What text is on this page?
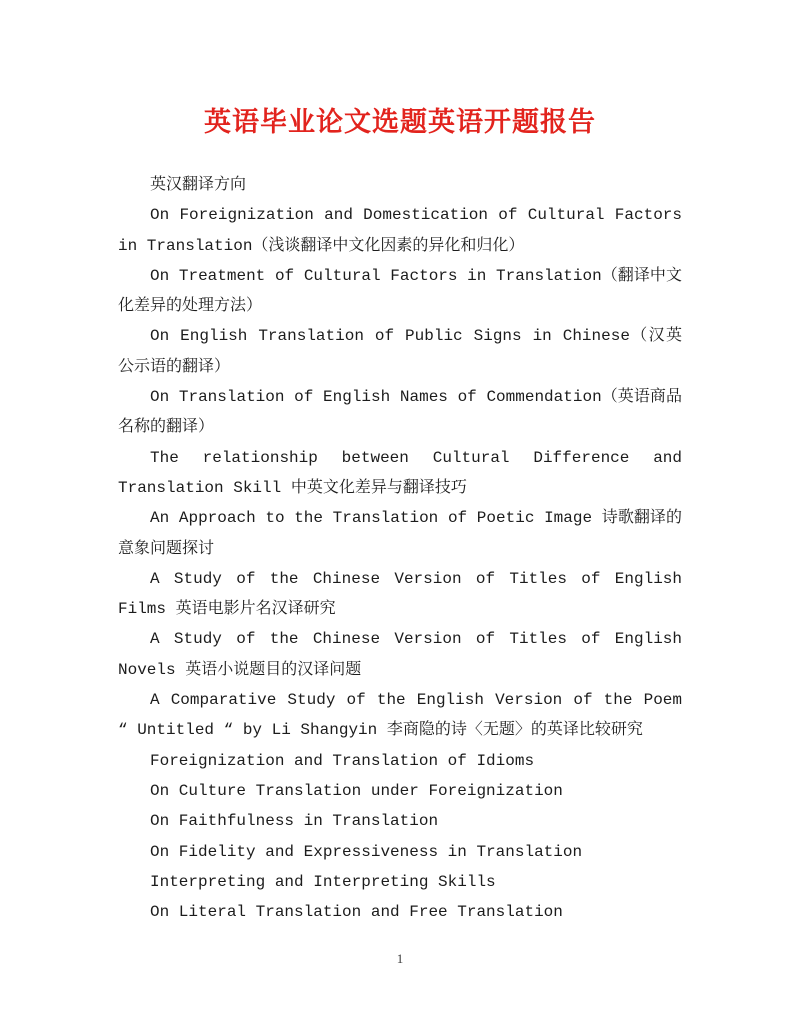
英语毕业论文选题英语开题报告

英汉翻译方向

On Foreignization and Domestication of Cultural Factors in Translation（浅谈翻译中文化因素的异化和归化）

On Treatment of Cultural Factors in Translation（翻译中文化差异的处理方法）

On English Translation of Public Signs in Chinese（汉英公示语的翻译）

On Translation of English Names of Commendation（英语商品名称的翻译）

The relationship between Cultural Difference and Translation Skill 中英文化差异与翻译技巧

An Approach to the Translation of Poetic Image 诗歌翻译的意象问题探讨

A Study of the Chinese Version of Titles of English Films 英语电影片名汉译研究

A Study of the Chinese Version of Titles of English Novels 英语小说题目的汉译问题

A Comparative Study of the English Version of the Poem “ Untitled “ by Li Shangyin 李商隐的诗〈无题〉的英译比较研究

Foreignization and Translation of Idioms

On Culture Translation under Foreignization

On Faithfulness in Translation

On Fidelity and Expressiveness in Translation

Interpreting and Interpreting Skills

On Literal Translation and Free Translation

1
